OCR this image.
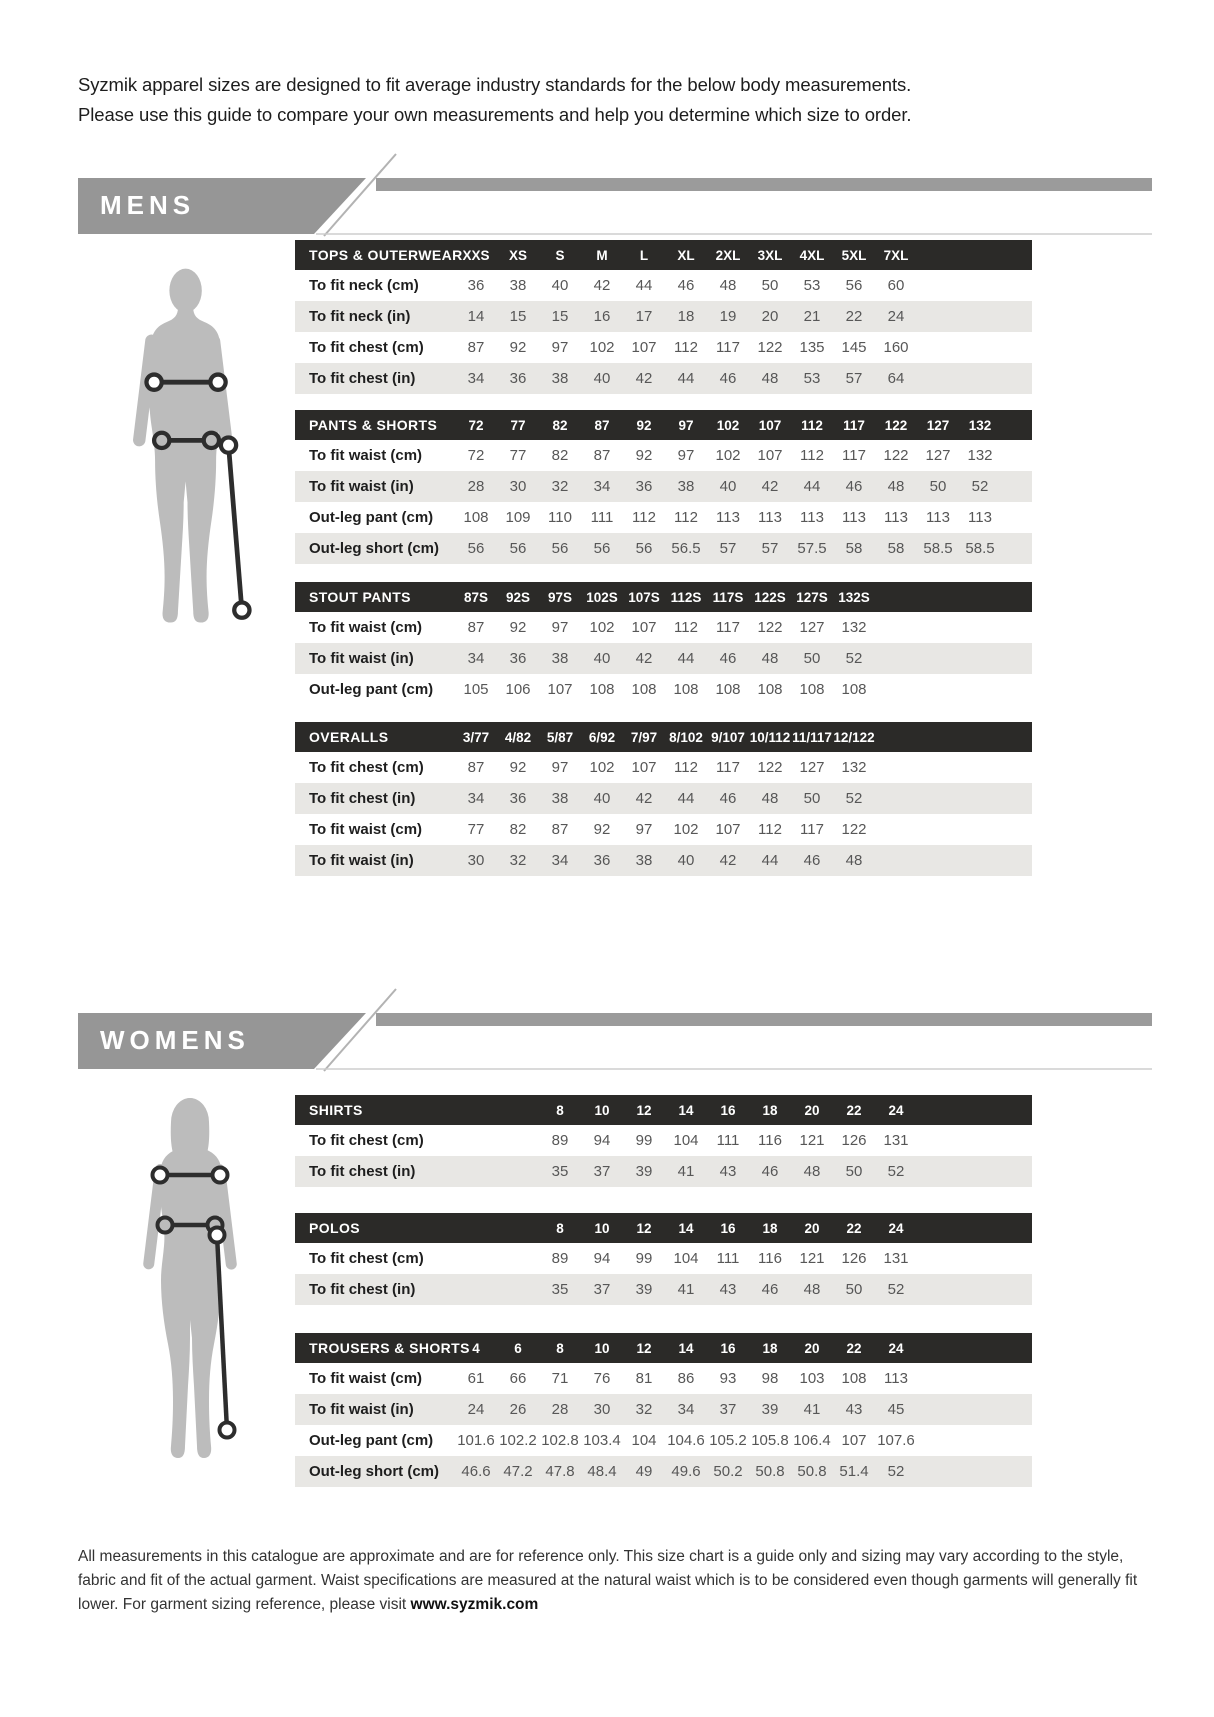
Syzmik apparel sizes are designed to fit average industry standards for the below body measurements.
Please use this guide to compare your own measurements and help you determine which size to order.

MENS
TOPS & OUTERWEAR XXS	XS	S	M	L	XL	2XL	3XL	4XL	5XL	7XL
To fit neck (cm)	36	38	40	42	44	46	48	50	53	56	60
To fit neck (in)	14	15	15	16	17	18	19	20	21	22	24
To fit chest (cm)	87	92	97	102	107	112	117	122	135	145	160
To fit chest (in)	34	36	38	40	42	44	46	48	53	57	64
PANTS & SHORTS	72	77	82	87	92	97	102	107	112	117	122	127	132
To fit waist (cm)	72	77	82	87	92	97	102	107	112	117	122	127	132
To fit waist (in)	28	30	32	34	36	38	40	42	44	46	48	50	52
Out-leg pant (cm)	108	109	110	111	112	112	113	113	113	113	113	113	113
Out-leg short (cm)	56	56	56	56	56	56.5	57	57	57.5	58	58	58.5 58.5
STOUT PANTS	87S	92S	97S	102S 107S 112S 117S 122S 127S 132S
To fit waist (cm)	87	92	97	102	107	112	117	122	127	132
To fit waist (in)	34	36	38	40	42	44	46	48	50	52
Out-leg pant (cm)	105	106	107	108	108	108	108	108	108	108
OVERALLS	3/77	4/82	5/87	6/92	7/97 8/102 9/107 10/112 11/117 12/122
To fit chest (cm)	87	92	97	102	107	112	117	122	127	132
To fit chest (in)	34	36	38	40	42	44	46	48	50	52
To fit waist (cm)	77	82	87	92	97	102	107	112	117	122
To fit waist (in)	30	32	34	36	38	40	42	44	46	48
WOMENS
SHIRTS	8	10	12	14	16	18	20	22	24
To fit chest (cm)	89	94	99	104	111	116	121	126	131
To fit chest (in)	35	37	39	41	43	46	48	50	52
POLOS	8	10	12	14	16	18	20	22	24
To fit chest (cm)	89	94	99	104	111	116	121	126	131
To fit chest (in)	35	37	39	41	43	46	48	50	52
TROUSERS & SHORTS 4	6	8	10	12	14	16	18	20	22	24
To fit waist (cm)	61	66	71	76	81	86	93	98	103	108	113
To fit waist (in)	24	26	28	30	32	34	37	39	41	43	45
Out-leg pant (cm)	101.6 102.2 102.8 103.4 104 104.6 105.2 105.8 106.4 107 107.6
Out-leg short (cm)	46.6 47.2 47.8 48.4	49	49.6 50.2 50.8 50.8 51.4	52

All measurements in this catalogue are approximate and are for reference only. This size chart is a guide only and sizing may vary according to the style, fabric and fit of the actual garment. Waist specifications are measured at the natural waist which is to be considered even though garments will generally fit lower. For garment sizing reference, please visit www.syzmik.com
